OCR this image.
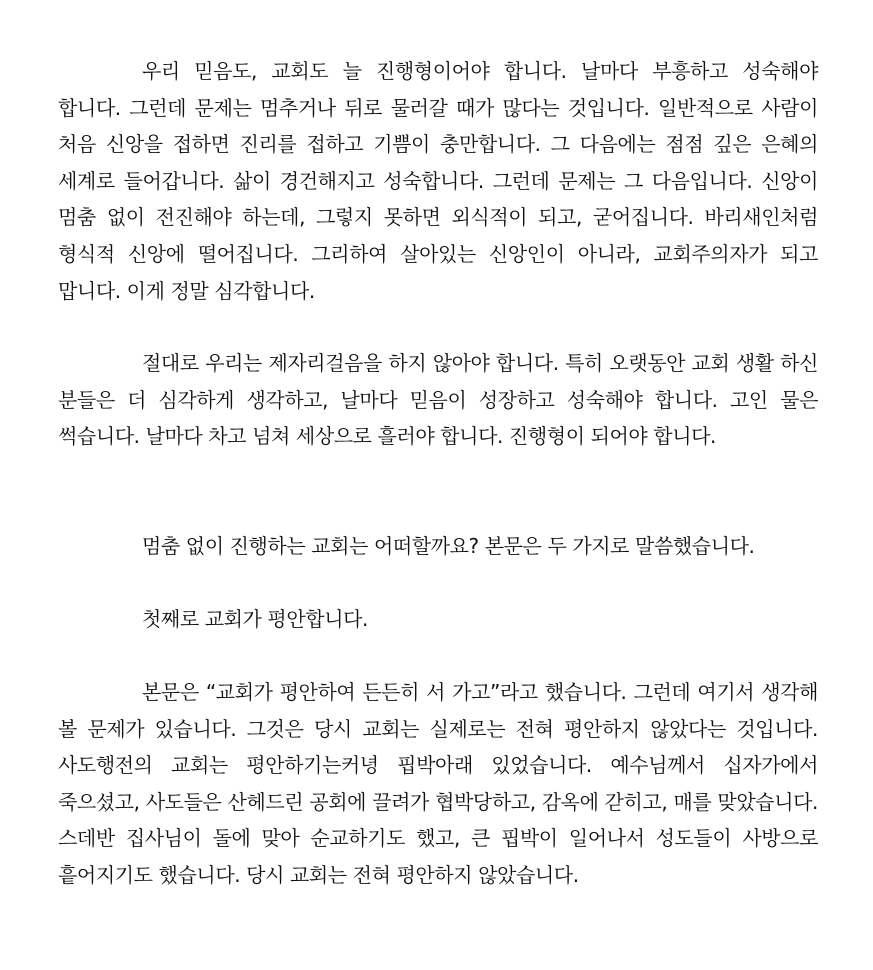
우리 믿음도, 교회도 늘 진행형이어야 합니다. 날마다 부흥하고 성숙해야 합니다. 그런데 문제는 멈추거나 뒤로 물러갈 때가 많다는 것입니다. 일반적으로 사람이 처음 신앙을 접하면 진리를 접하고 기쁨이 충만합니다. 그 다음에는 점점 깊은 은혜의 세계로 들어갑니다. 삶이 경건해지고 성숙합니다. 그런데 문제는 그 다음입니다. 신앙이 멈춤 없이 전진해야 하는데, 그렇지 못하면 외식적이 되고, 굳어집니다. 바리새인처럼 형식적 신앙에 떨어집니다. 그리하여 살아있는 신앙인이 아니라, 교회주의자가 되고 맙니다. 이게 정말 심각합니다.

절대로 우리는 제자리걸음을 하지 않아야 합니다. 특히 오랫동안 교회 생활 하신 분들은 더 심각하게 생각하고, 날마다 믿음이 성장하고 성숙해야 합니다. 고인 물은 썩습니다. 날마다 차고 넘쳐 세상으로 흘러야 합니다. 진행형이 되어야 합니다.

멈춤 없이 진행하는 교회는 어떠할까요? 본문은 두 가지로 말씀했습니다.

첫째로 교회가 평안합니다.

본문은 “교회가 평안하여 든든히 서 가고”라고 했습니다. 그런데 여기서 생각해 볼 문제가 있습니다. 그것은 당시 교회는 실제로는 전혀 평안하지 않았다는 것입니다. 사도행전의 교회는 평안하기는커녕 핍박아래 있었습니다. 예수님께서 십자가에서 죽으셨고, 사도들은 산헤드린 공회에 끌려가 협박당하고, 감옥에 갇히고, 매를 맞았습니다. 스데반 집사님이 돌에 맞아 순교하기도 했고, 큰 핍박이 일어나서 성도들이 사방으로 흩어지기도 했습니다. 당시 교회는 전혀 평안하지 않았습니다.
